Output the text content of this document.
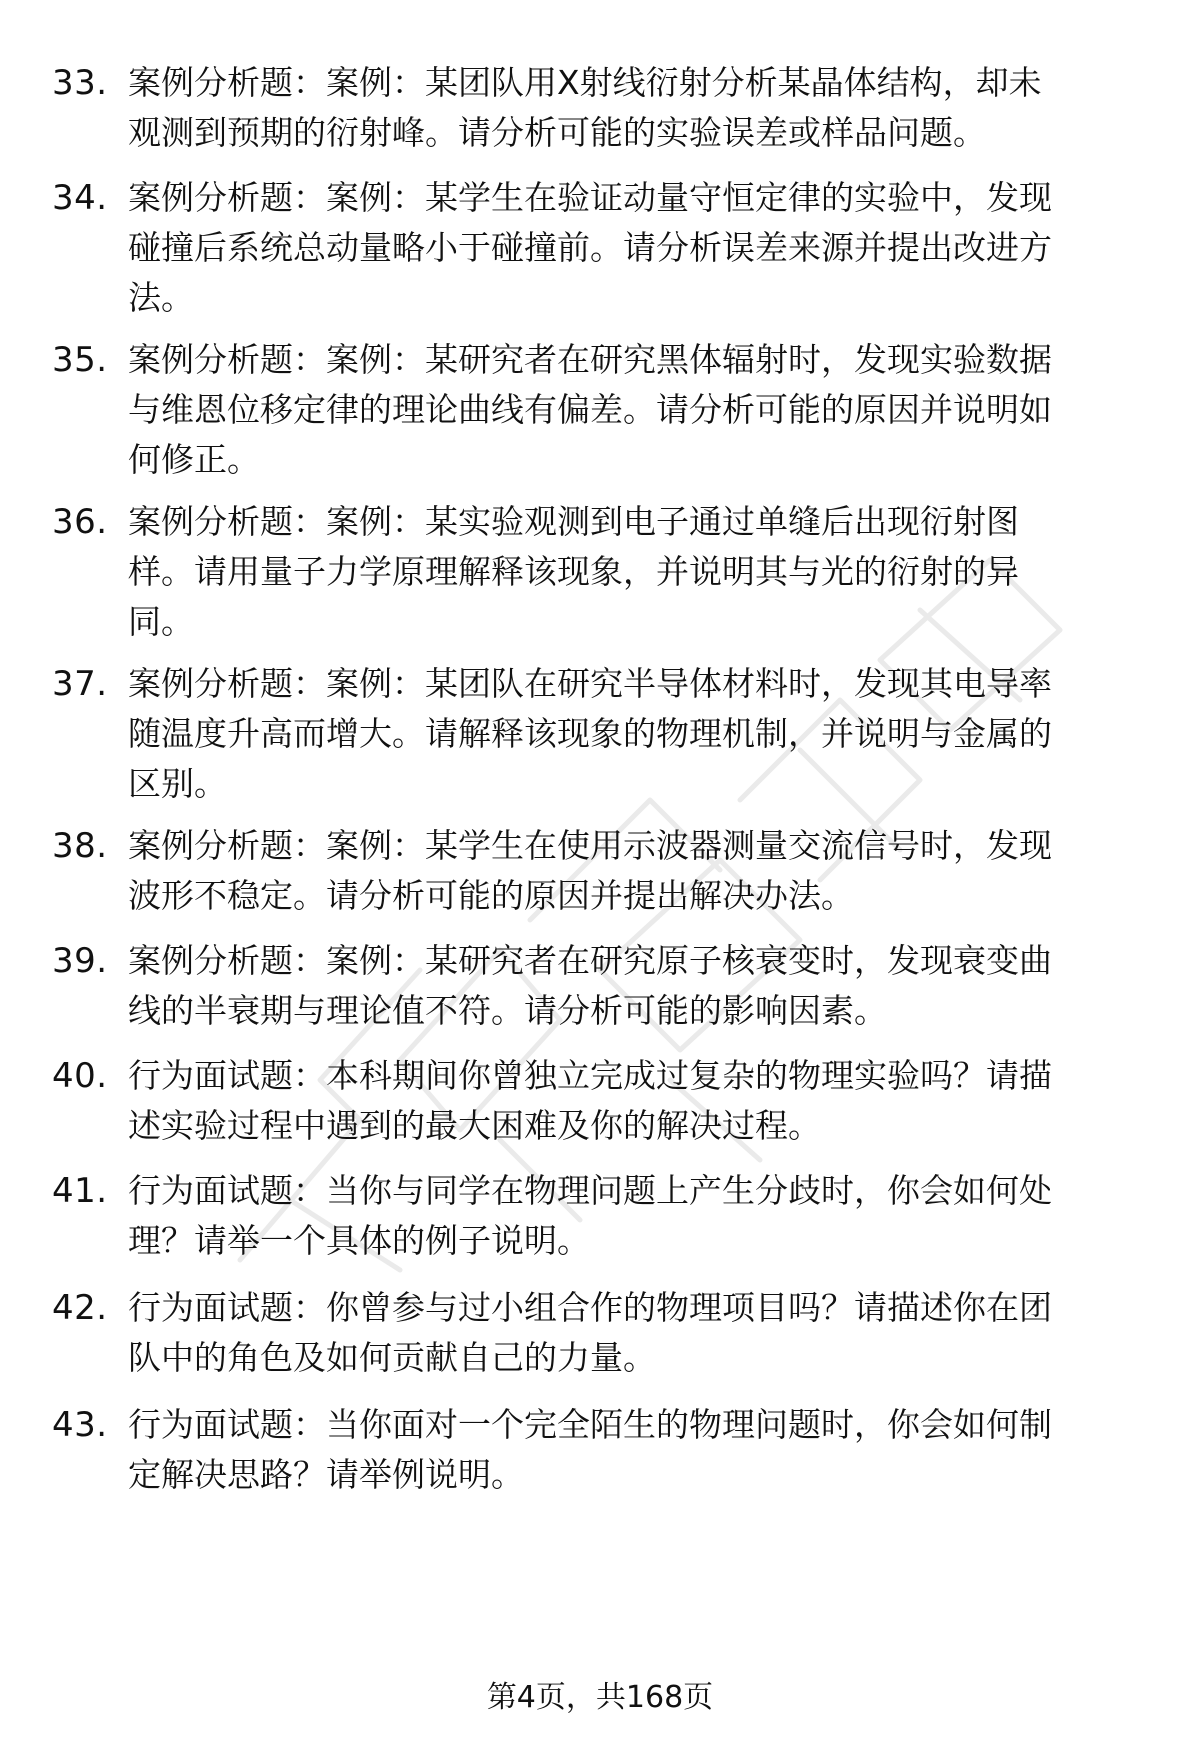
33. 案例分析题：案例：某团队用X射线衍射分析某晶体结构，却未
观测到预期的衍射峰。请分析可能的实验误差或样品问题。
34. 案例分析题：案例：某学生在验证动量守恒定律的实验中，发现
碰撞后系统总动量略小于碰撞前。请分析误差来源并提出改进方
法。
35. 案例分析题：案例：某研究者在研究黑体辐射时，发现实验数据
与维恩位移定律的理论曲线有偏差。请分析可能的原因并说明如
何修正。
36. 案例分析题：案例：某实验观测到电子通过单缝后出现衍射图
样。请用量子力学原理解释该现象，并说明其与光的衍射的异
同。
37. 案例分析题：案例：某团队在研究半导体材料时，发现其电导率
随温度升高而增大。请解释该现象的物理机制，并说明与金属的
区别。
38. 案例分析题：案例：某学生在使用示波器测量交流信号时，发现
波形不稳定。请分析可能的原因并提出解决办法。
39. 案例分析题：案例：某研究者在研究原子核衰变时，发现衰变曲
线的半衰期与理论值不符。请分析可能的影响因素。
40. 行为面试题：本科期间你曾独立完成过复杂的物理实验吗？请描
述实验过程中遇到的最大困难及你的解决过程。
41. 行为面试题：当你与同学在物理问题上产生分歧时，你会如何处
理？请举一个具体的例子说明。
42. 行为面试题：你曾参与过小组合作的物理项目吗？请描述你在团
队中的角色及如何贡献自己的力量。
43. 行为面试题：当你面对一个完全陌生的物理问题时，你会如何制
定解决思路？请举例说明。
第4页，共168页
